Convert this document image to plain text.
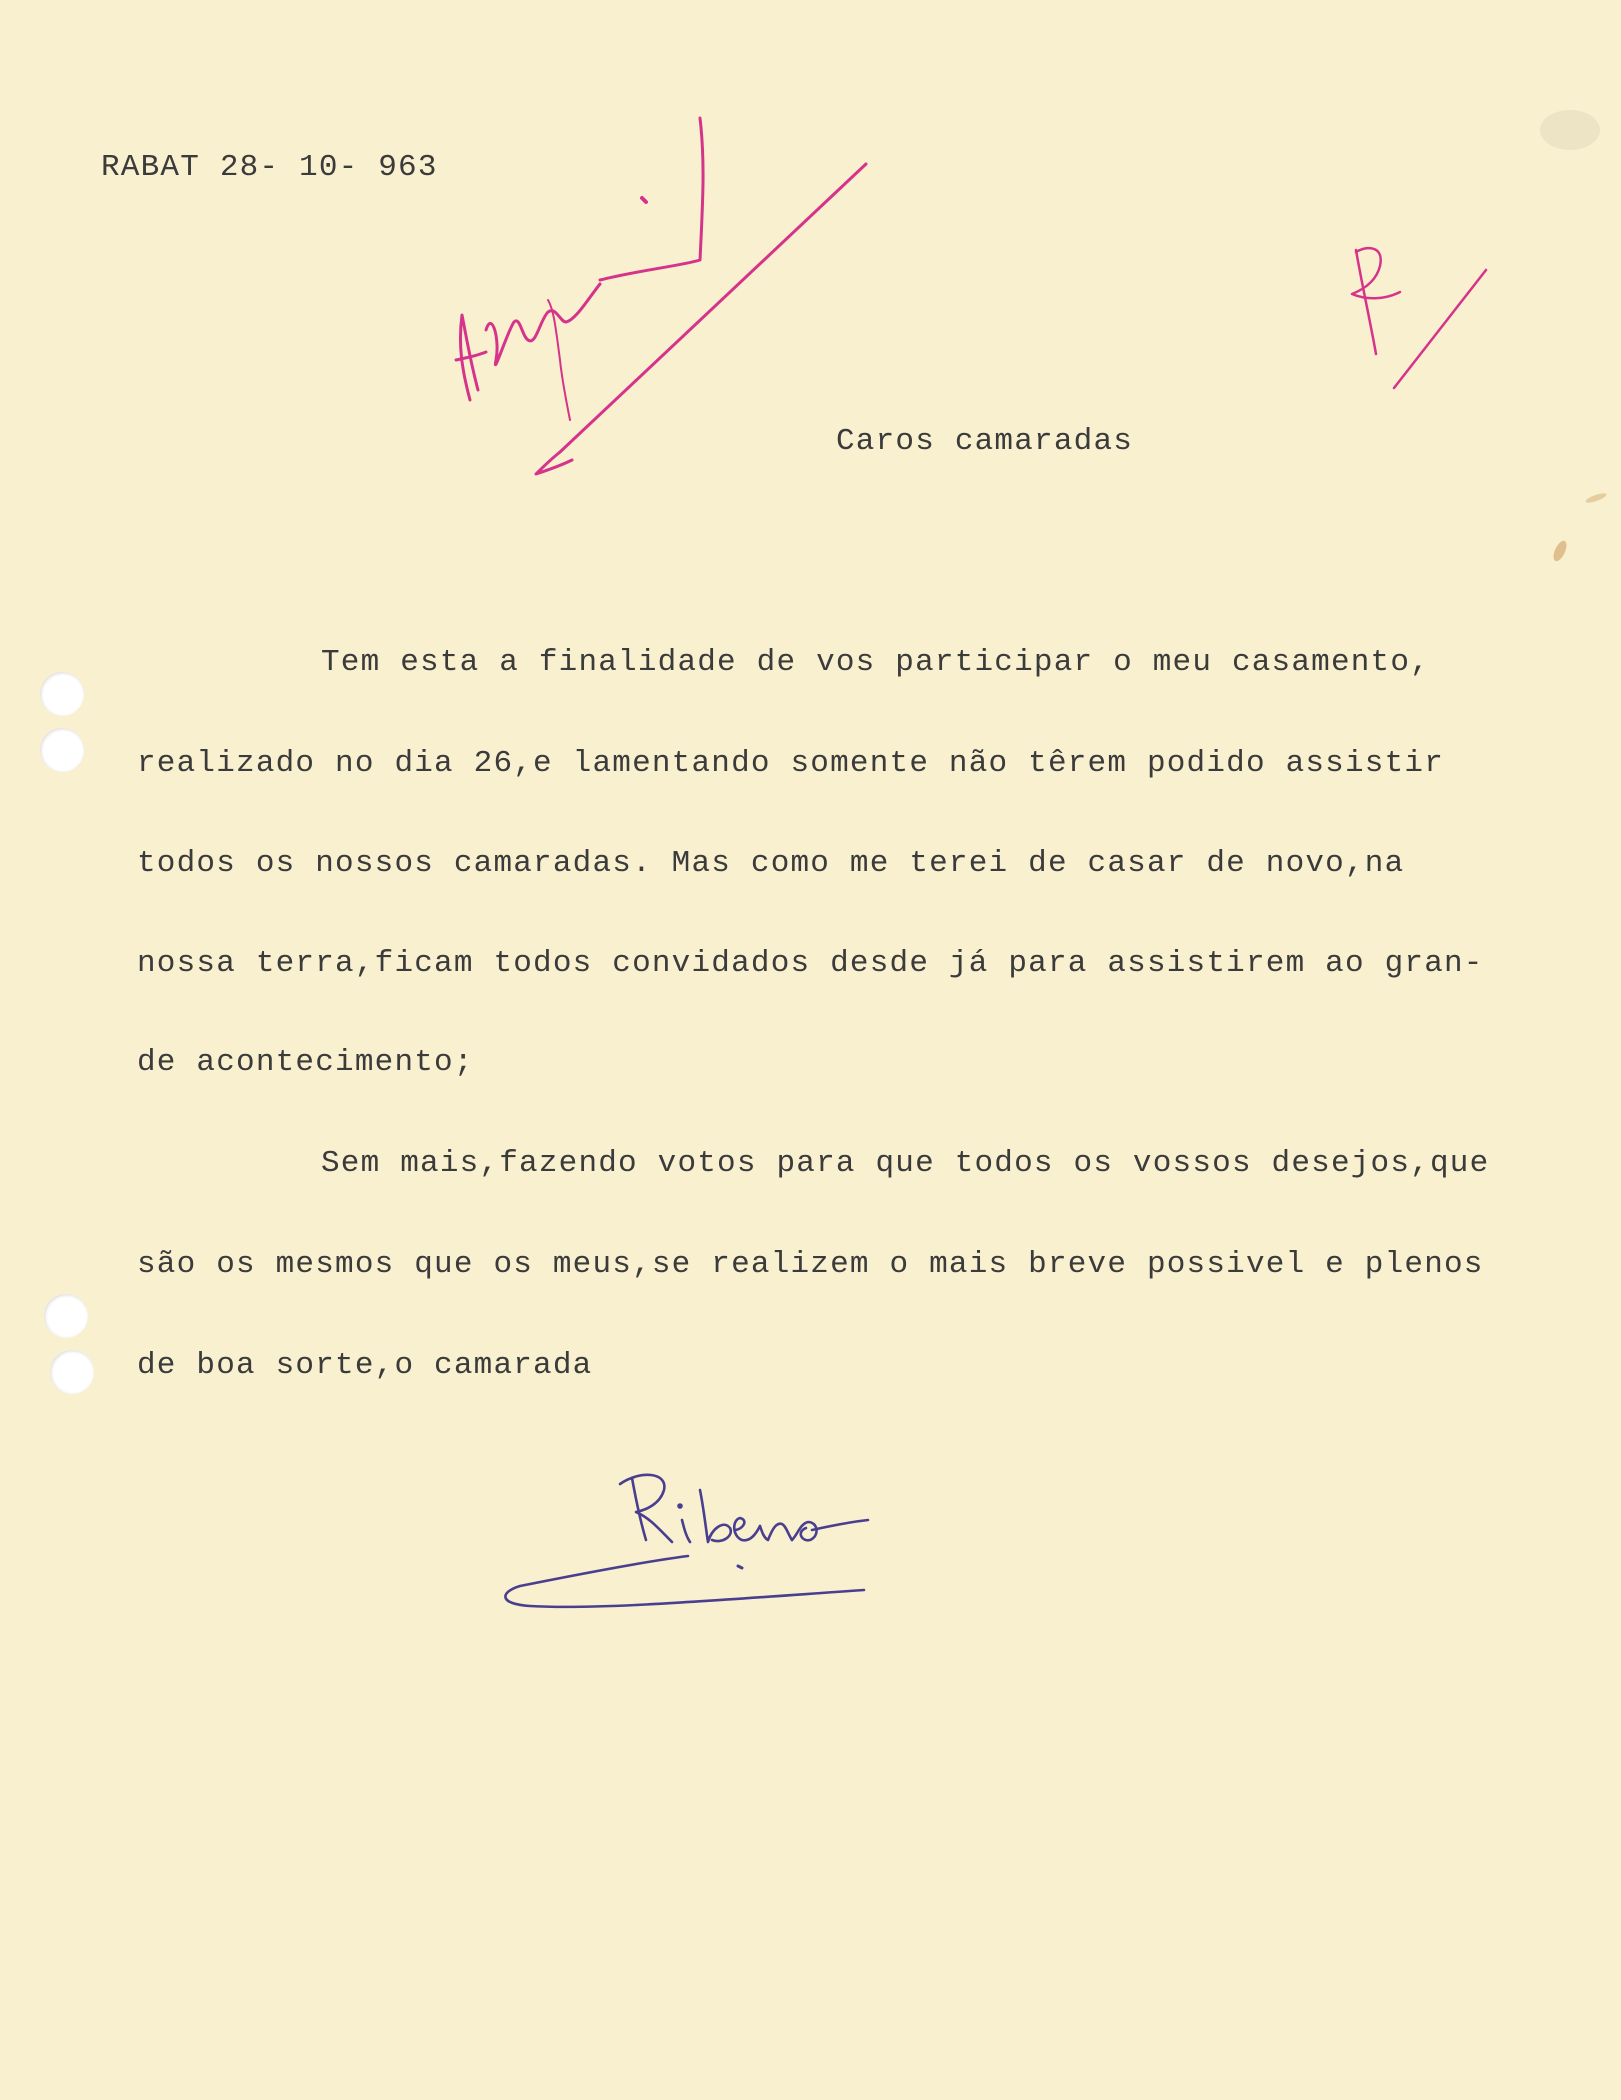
RABAT 28- 10- 963
Caros camaradas
Tem esta a finalidade de vos participar o meu casamento,
realizado no dia 26,e lamentando somente não têrem podido assistir
todos os nossos camaradas. Mas como me terei de casar de novo,na
nossa terra,ficam todos convidados desde já para assistirem ao gran-
de acontecimento;
Sem mais,fazendo votos para que todos os vossos desejos,que
são os mesmos que os meus,se realizem o mais breve possivel e plenos
de boa sorte,o camarada
